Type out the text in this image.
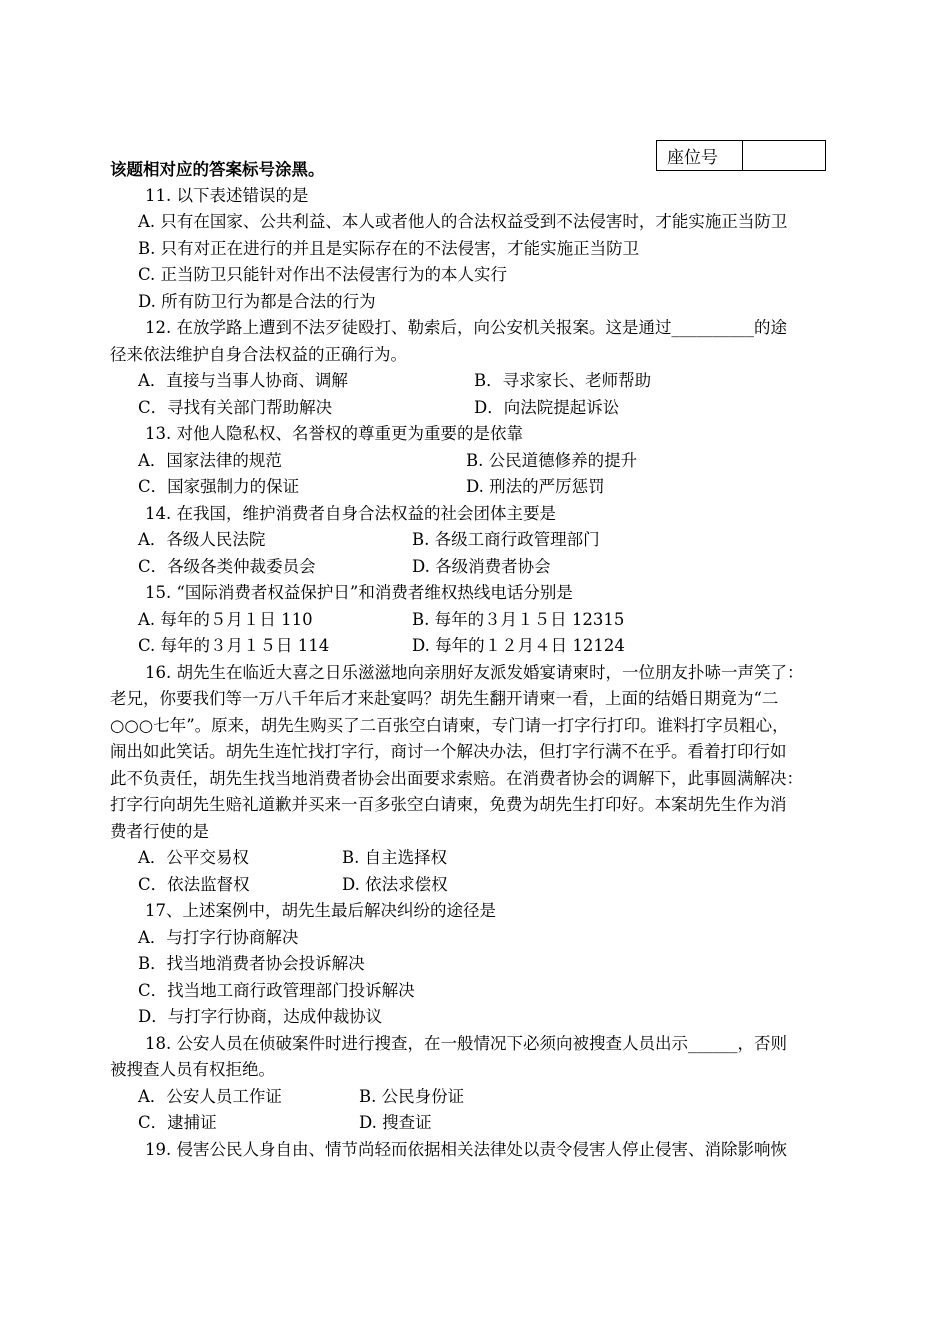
座位号
该题相对应的答案标号涂黑。
11. 以下表述错误的是
A. 只有在国家、公共利益、本人或者他人的合法权益受到不法侵害时，才能实施正当防卫
B. 只有对正在进行的并且是实际存在的不法侵害，才能实施正当防卫
C. 正当防卫只能针对作出不法侵害行为的本人实行
D. 所有防卫行为都是合法的行为
12. 在放学路上遭到不法歹徒殴打、勒索后，向公安机关报案。这是通过__________的途
径来依法维护自身合法权益的正确行为。
A．直接与当事人协商、调解	B．寻求家长、老师帮助
C．寻找有关部门帮助解决	D．向法院提起诉讼
13. 对他人隐私权、名誉权的尊重更为重要的是依靠
A．国家法律的规范	B. 公民道德修养的提升
C．国家强制力的保证	D. 刑法的严厉惩罚
14. 在我国，维护消费者自身合法权益的社会团体主要是
A．各级人民法院	B. 各级工商行政管理部门
C．各级各类仲裁委员会	D. 各级消费者协会
15. “国际消费者权益保护日”和消费者维权热线电话分别是
A. 每年的５月１日 110	B. 每年的３月１５日 12315
C. 每年的３月１５日 114	D. 每年的１２月４日 12124
16. 胡先生在临近大喜之日乐滋滋地向亲朋好友派发婚宴请柬时，一位朋友扑哧一声笑了：
老兄，你要我们等一万八千年后才来赴宴吗？胡先生翻开请柬一看，上面的结婚日期竟为“二
○○○七年”。原来，胡先生购买了二百张空白请柬，专门请一打字行打印。谁料打字员粗心，
闹出如此笑话。胡先生连忙找打字行，商讨一个解决办法，但打字行满不在乎。看着打印行如
此不负责任，胡先生找当地消费者协会出面要求索赔。在消费者协会的调解下，此事圆满解决：
打字行向胡先生赔礼道歉并买来一百多张空白请柬，免费为胡先生打印好。本案胡先生作为消
费者行使的是
A．公平交易权	B. 自主选择权
C．依法监督权	D. 依法求偿权
17、上述案例中，胡先生最后解决纠纷的途径是
A．与打字行协商解决
B．找当地消费者协会投诉解决
C．找当地工商行政管理部门投诉解决
D．与打字行协商，达成仲裁协议
18. 公安人员在侦破案件时进行搜查，在一般情况下必须向被搜查人员出示______，否则
被搜查人员有权拒绝。
A．公安人员工作证	B. 公民身份证
C．逮捕证	D. 搜查证
19. 侵害公民人身自由、情节尚轻而依据相关法律处以责令侵害人停止侵害、消除影响恢
